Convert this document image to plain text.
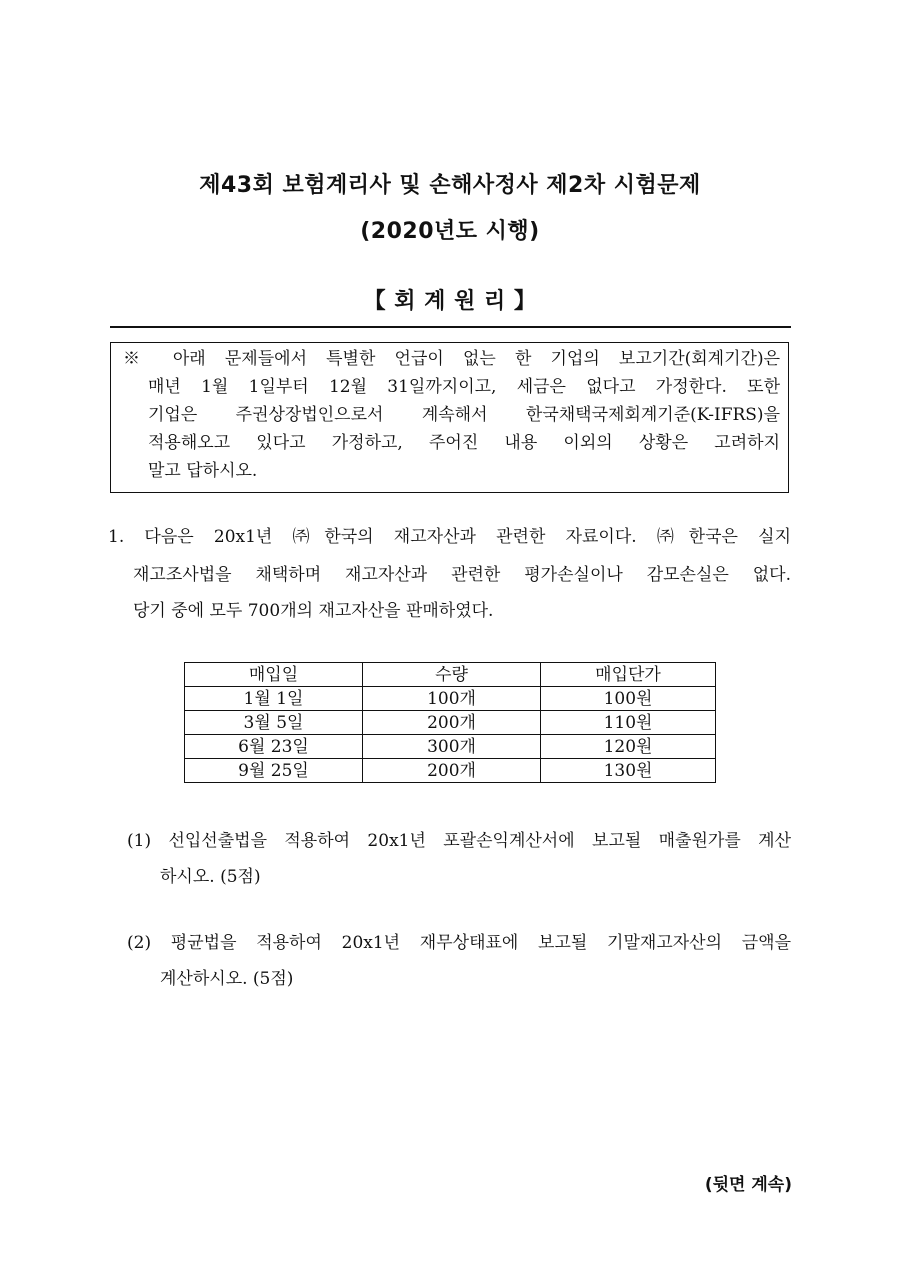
제43회 보험계리사 및 손해사정사 제2차 시험문제
(2020년도 시행)
【 회 계 원 리 】
※ 아래 문제들에서 특별한 언급이 없는 한 기업의 보고기간(회계기간)은
매년 1월 1일부터 12월 31일까지이고, 세금은 없다고 가정한다. 또한
기업은 주권상장법인으로서 계속해서 한국채택국제회계기준(K-IFRS)을
적용해오고 있다고 가정하고, 주어진 내용 이외의 상황은 고려하지
말고 답하시오.
1. 다음은 20x1년 ㈜한국의 재고자산과 관련한 자료이다. ㈜한국은 실지
재고조사법을 채택하며 재고자산과 관련한 평가손실이나 감모손실은 없다.
당기 중에 모두 700개의 재고자산을 판매하였다.
매입일	수량	매입단가
1월 1일	100개	100원
3월 5일	200개	110원
6월 23일	300개	120원
9월 25일	200개	130원
(1) 선입선출법을 적용하여 20x1년 포괄손익계산서에 보고될 매출원가를 계산
하시오. (5점)
(2) 평균법을 적용하여 20x1년 재무상태표에 보고될 기말재고자산의 금액을
계산하시오. (5점)
(뒷면 계속)
